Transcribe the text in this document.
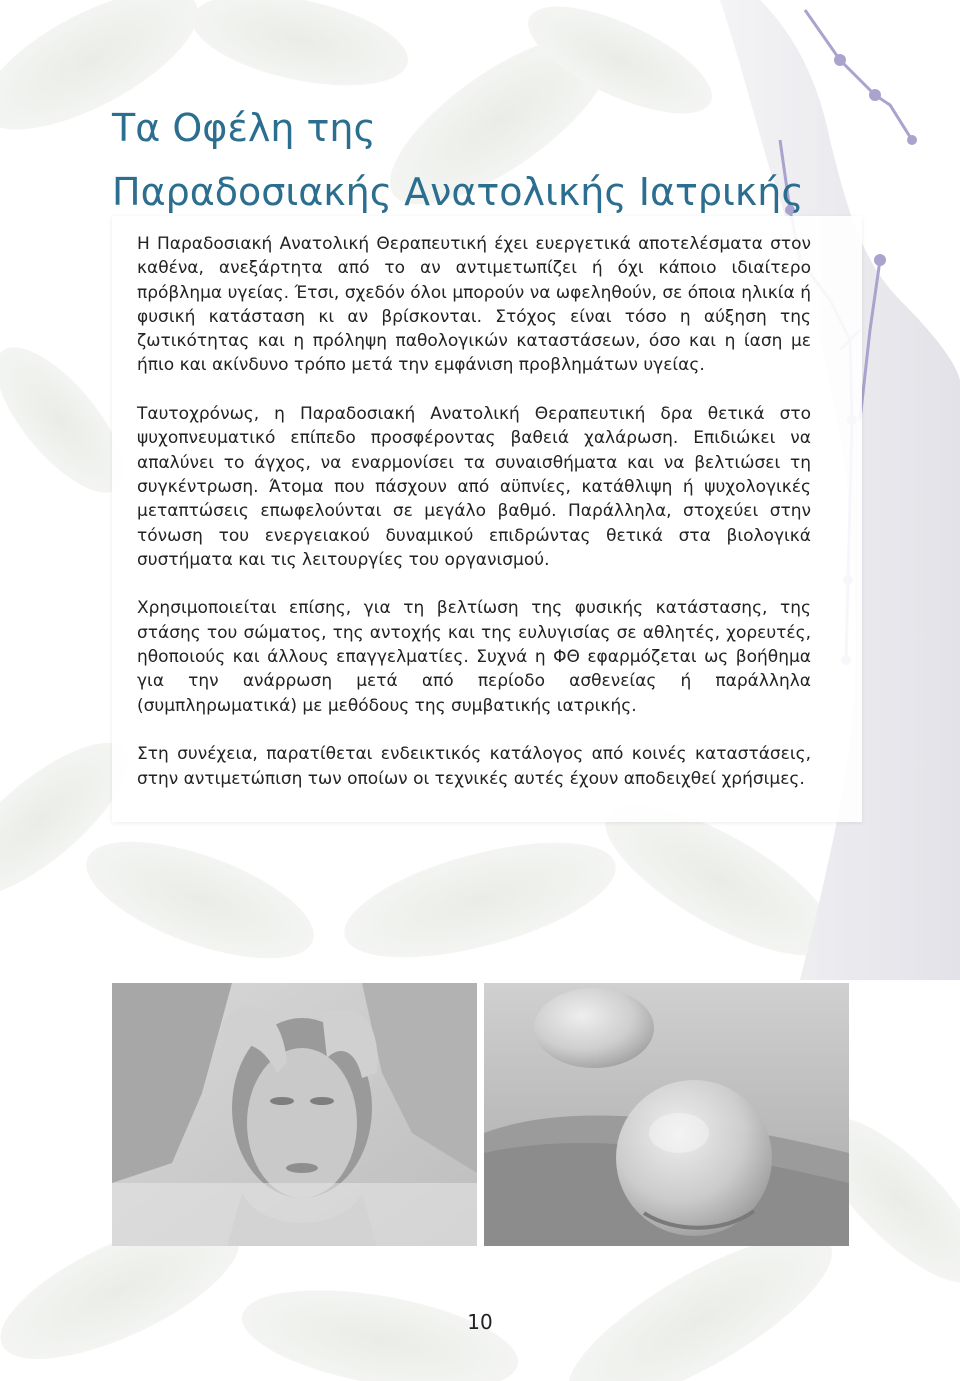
Τα Οφέλη της
Παραδοσιακής Ανατολικής Ιατρικής

Η Παραδοσιακή Ανατολική Θεραπευτική έχει ευεργετικά αποτελέσματα στον καθένα, ανεξάρτητα από το αν αντιμετωπίζει ή όχι κάποιο ιδιαίτερο πρόβλημα υγείας. Έτσι, σχεδόν όλοι μπορούν να ωφεληθούν, σε όποια ηλικία ή φυσική κατάσταση κι αν βρίσκονται. Στόχος είναι τόσο η αύξηση της ζωτικότητας και η πρόληψη παθολογικών καταστάσεων, όσο και η ίαση με ήπιο και ακίνδυνο τρόπο μετά την εμφάνιση προβλημάτων υγείας.

Ταυτοχρόνως, η Παραδοσιακή Ανατολική Θεραπευτική δρα θετικά στο ψυχοπνευματικό επίπεδο προσφέροντας βαθειά χαλάρωση. Επιδιώκει να απαλύνει το άγχος, να εναρμονίσει τα συναισθήματα και να βελτιώσει τη συγκέντρωση. Άτομα που πάσχουν από αϋπνίες, κατάθλιψη ή ψυχολογικές μεταπτώσεις επωφελούνται σε μεγάλο βαθμό. Παράλληλα, στοχεύει στην τόνωση του ενεργειακού δυναμικού επιδρώντας θετικά στα βιολογικά συστήματα και τις λειτουργίες του οργανισμού.

Χρησιμοποιείται επίσης, για τη βελτίωση της φυσικής κατάστασης, της στάσης του σώματος, της αντοχής και της ευλυγισίας σε αθλητές, χορευτές, ηθοποιούς και άλλους επαγγελματίες. Συχνά η ΦΘ εφαρμόζεται ως βοήθημα για την ανάρρωση μετά από περίοδο ασθενείας ή παράλληλα (συμπληρωματικά) με μεθόδους της συμβατικής ιατρικής.

Στη συνέχεια, παρατίθεται ενδεικτικός κατάλογος από κοινές καταστάσεις, στην αντιμετώπιση των οποίων οι τεχνικές αυτές έχουν αποδειχθεί χρήσιμες.

10
